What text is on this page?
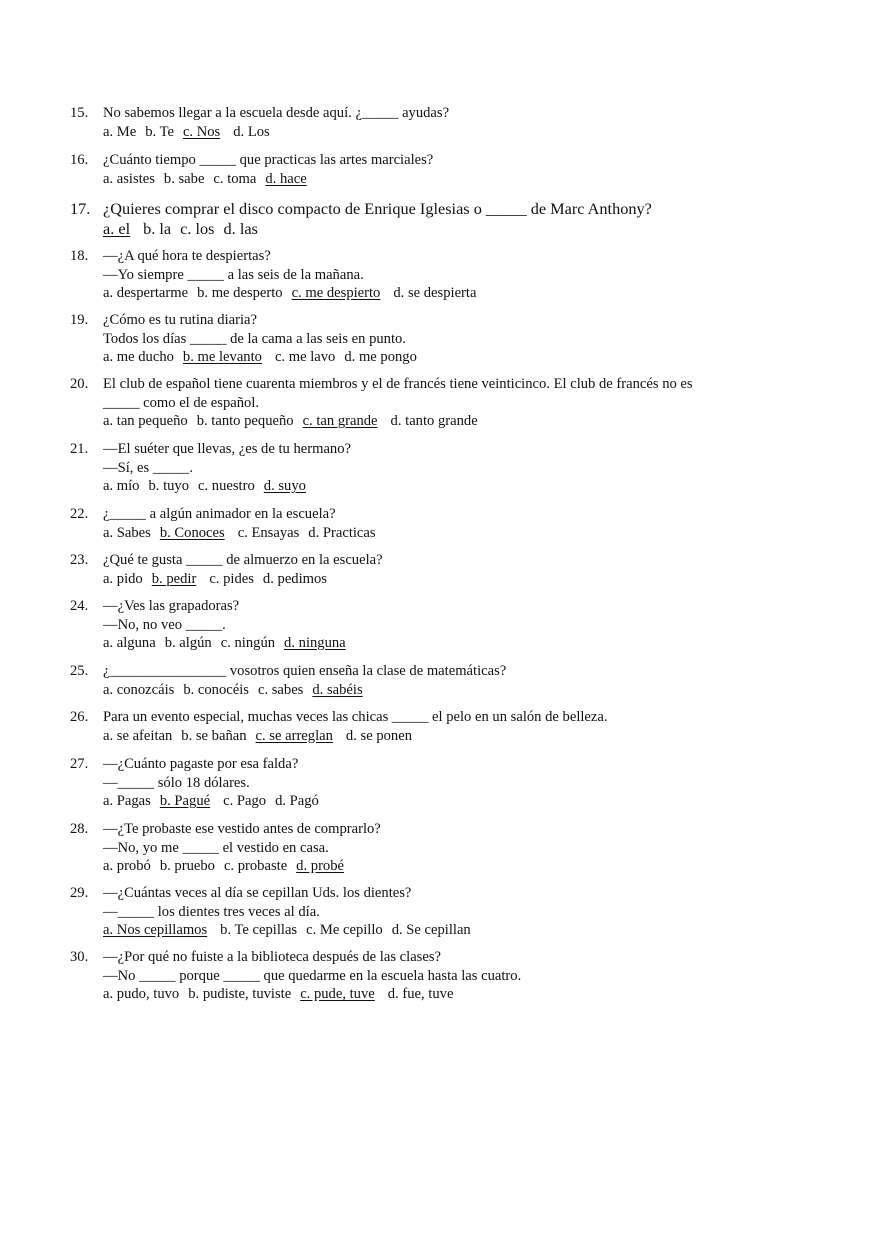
15.	No sabemos llegar a la escuela desde aquí. ¿_____ ayudas?
a. Me b. Te c. Nos d. Los
16.	¿Cuánto tiempo _____ que practicas las artes marciales?
a. asistes b. sabe c. toma d. hace
17. ¿Quieres comprar el disco compacto de Enrique Iglesias o _____ de Marc Anthony?
a. el b. la c. los d. las
18.	—¿A qué hora te despiertas?
—Yo siempre _____ a las seis de la mañana.
a. despertarme b. me desperto c. me despierto d. se despierta
19.	¿Cómo es tu rutina diaria?
Todos los días _____ de la cama a las seis en punto.
a. me ducho b. me levanto c. me lavo d. me pongo
20.	El club de español tiene cuarenta miembros y el de francés tiene veinticinco. El club de francés no es
_____ como el de español.
a. tan pequeño b. tanto pequeño c. tan grande d. tanto grande
21.	—El suéter que llevas, ¿es de tu hermano?
—Sí, es _____.
a. mío b. tuyo c. nuestro d. suyo
22.	¿_____ a algún animador en la escuela?
a. Sabes b. Conoces c. Ensayas d. Practicas
23.	¿Qué te gusta _____ de almuerzo en la escuela?
a. pido b. pedir c. pides d. pedimos
24.	—¿Ves las grapadoras?
—No, no veo _____.
a. alguna b. algún c. ningún d. ninguna
25.	¿________________ vosotros quien enseña la clase de matemáticas?
a. conozcáis b. conocéis c. sabes d. sabéis
26.	Para un evento especial, muchas veces las chicas _____ el pelo en un salón de belleza.
a. se afeitan b. se bañan c. se arreglan d. se ponen
27.	—¿Cuánto pagaste por esa falda?
—_____ sólo 18 dólares.
a. Pagas b. Pagué c. Pago d. Pagó
28.	—¿Te probaste ese vestido antes de comprarlo?
—No, yo me _____ el vestido en casa.
a. probó b. pruebo c. probaste d. probé
29.	—¿Cuántas veces al día se cepillan Uds. los dientes?
—_____ los dientes tres veces al día.
a. Nos cepillamos b. Te cepillas c. Me cepillo d. Se cepillan
30.	—¿Por qué no fuiste a la biblioteca después de las clases?
—No _____ porque _____ que quedarme en la escuela hasta las cuatro.
a. pudo, tuvo b. pudiste, tuviste c. pude, tuve d. fue, tuve
